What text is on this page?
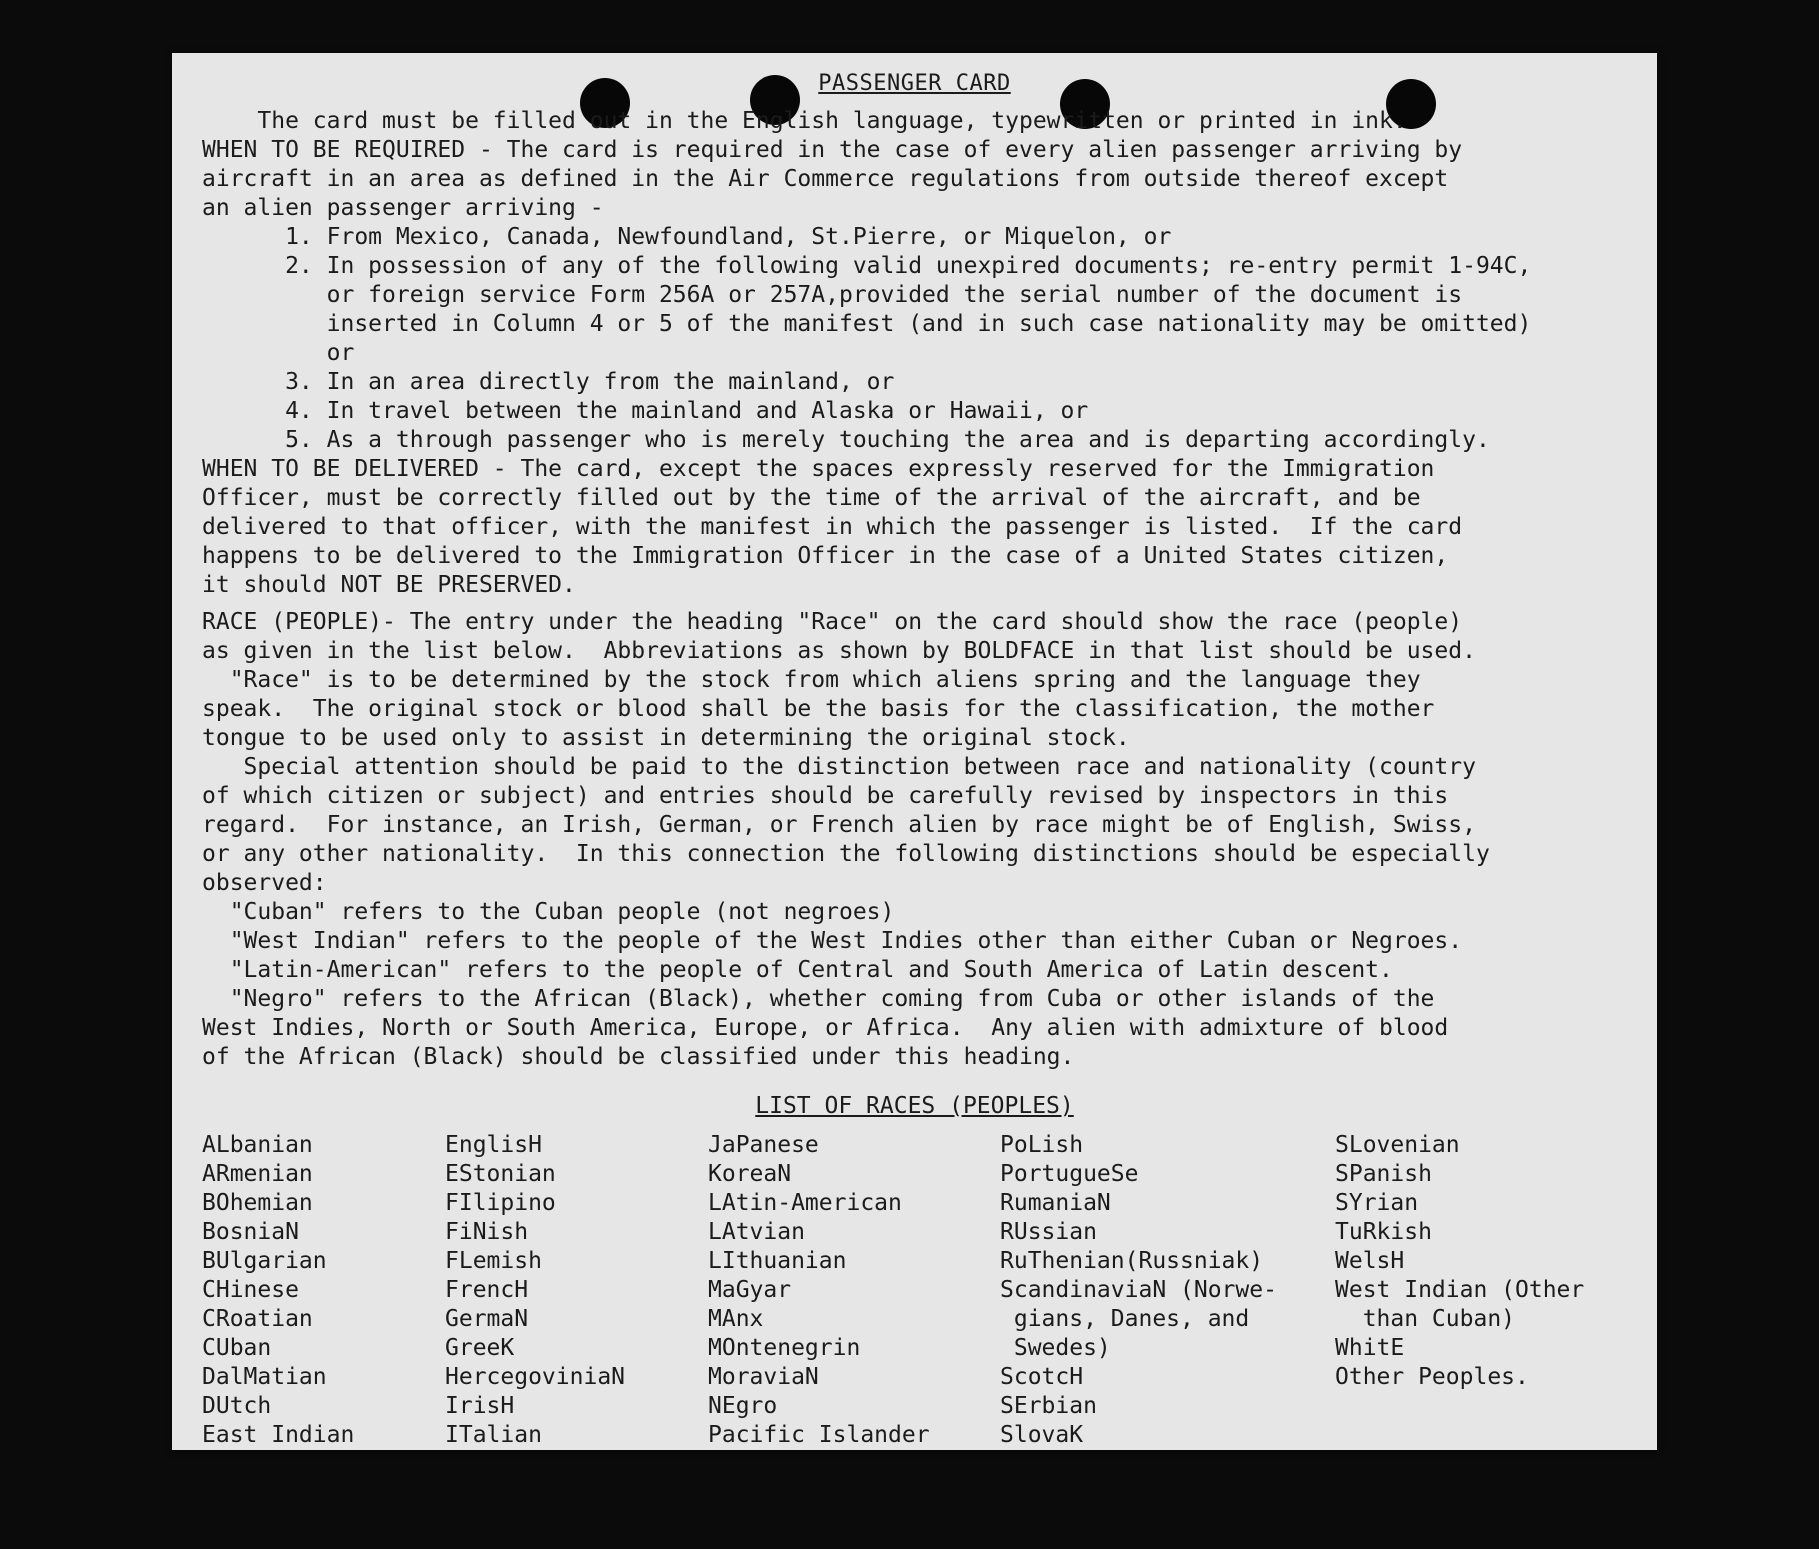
PASSENGER CARD
The card must be filled out in the English language, typewritten or printed in ink.
WHEN TO BE REQUIRED - The card is required in the case of every alien passenger arriving by
aircraft in an area as defined in the Air Commerce regulations from outside thereof except
an alien passenger arriving -
1. From Mexico, Canada, Newfoundland, St.Pierre, or Miquelon, or
2. In possession of any of the following valid unexpired documents; re-entry permit 1-94C,
or foreign service Form 256A or 257A,provided the serial number of the document is
inserted in Column 4 or 5 of the manifest (and in such case nationality may be omitted)
or
3. In an area directly from the mainland, or
4. In travel between the mainland and Alaska or Hawaii, or
5. As a through passenger who is merely touching the area and is departing accordingly.
WHEN TO BE DELIVERED - The card, except the spaces expressly reserved for the Immigration
Officer, must be correctly filled out by the time of the arrival of the aircraft, and be
delivered to that officer, with the manifest in which the passenger is listed.  If the card
happens to be delivered to the Immigration Officer in the case of a United States citizen,
it should NOT BE PRESERVED.
RACE (PEOPLE)- The entry under the heading "Race" on the card should show the race (people)
as given in the list below.  Abbreviations as shown by BOLDFACE in that list should be used.
"Race" is to be determined by the stock from which aliens spring and the language they
speak.  The original stock or blood shall be the basis for the classification, the mother
tongue to be used only to assist in determining the original stock.
Special attention should be paid to the distinction between race and nationality (country
of which citizen or subject) and entries should be carefully revised by inspectors in this
regard.  For instance, an Irish, German, or French alien by race might be of English, Swiss,
or any other nationality.  In this connection the following distinctions should be especially
observed:
"Cuban" refers to the Cuban people (not negroes)
"West Indian" refers to the people of the West Indies other than either Cuban or Negroes.
"Latin-American" refers to the people of Central and South America of Latin descent.
"Negro" refers to the African (Black), whether coming from Cuba or other islands of the
West Indies, North or South America, Europe, or Africa.  Any alien with admixture of blood
of the African (Black) should be classified under this heading.
LIST OF RACES (PEOPLES)
ALbanian
ARmenian
BOhemian
BosniaN
BUlgarian
CHinese
CRoatian
CUban
DalMatian
DUtch
East Indian
EnglisH
EStonian
FIlipino
FiNish
FLemish
FrencH
GermaN
GreeK
HercegoviniaN
IrisH
ITalian
JaPanese
KoreaN
LAtin-American
LAtvian
LIthuanian
MaGyar
MAnx
MOntenegrin
MoraviaN
NEgro
Pacific Islander
PoLish
PortugueSe
RumaniaN
RUssian
RuThenian(Russniak)
ScandinaviaN (Norwe-
gians, Danes, and
Swedes)
ScotcH
SErbian
SlovaK
SLovenian
SPanish
SYrian
TuRkish
WelsH
West Indian (Other
than Cuban)
WhitE
Other Peoples.
